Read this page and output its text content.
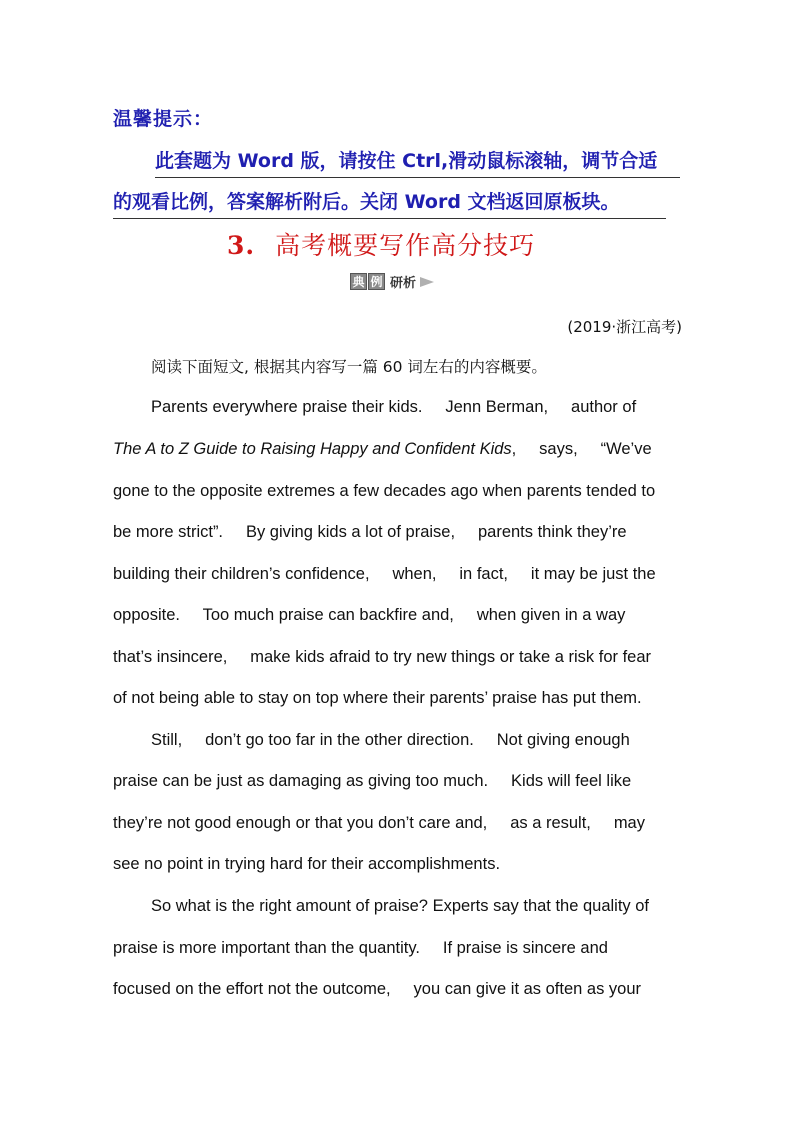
温馨提示：
此套题为 Word 版，请按住 Ctrl,滑动鼠标滚轴，调节合适
的观看比例，答案解析附后。关闭 Word 文档返回原板块。
3. 高考概要写作高分技巧
典 例 研析
(2019·浙江高考)
阅读下面短文, 根据其内容写一篇 60 词左右的内容概要。
Parents everywhere praise their kids.     Jenn Berman,     author of
The A to Z Guide to Raising Happy and Confident Kids,     says,     “We’ve
gone to the opposite extremes a few decades ago when parents tended to
be more strict”.     By giving kids a lot of praise,     parents think they’re
building their children’s confidence,     when,     in fact,     it may be just the
opposite.     Too much praise can backfire and,     when given in a way
that’s insincere,     make kids afraid to try new things or take a risk for fear
of not being able to stay on top where their parents’ praise has put them.
Still,     don’t go too far in the other direction.     Not giving enough
praise can be just as damaging as giving too much.     Kids will feel like
they’re not good enough or that you don’t care and,     as a result,     may
see no point in trying hard for their accomplishments.
So what is the right amount of praise? Experts say that the quality of
praise is more important than the quantity.     If praise is sincere and
focused on the effort not the outcome,     you can give it as often as your
